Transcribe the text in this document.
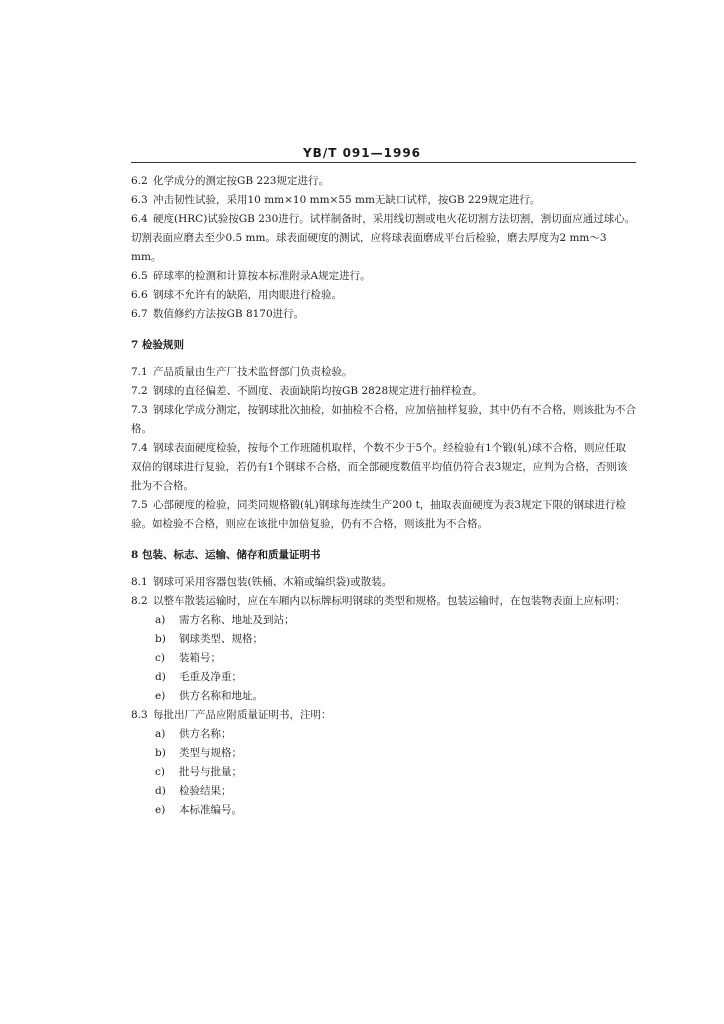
YB/T 091—1996

6.2 化学成分的测定按GB 223规定进行。

6.3 冲击韧性试验，采用10 mm×10 mm×55 mm无缺口试样，按GB 229规定进行。

6.4 硬度(HRC)试验按GB 230进行。试样制备时，采用线切割或电火花切割方法切割，割切面应通过球心。切割表面应磨去至少0.5 mm。球表面硬度的测试，应将球表面磨成平台后检验，磨去厚度为2 mm～3 mm。

6.5 碎球率的检测和计算按本标准附录A规定进行。

6.6 钢球不允许有的缺陷，用肉眼进行检验。

6.7 数值修约方法按GB 8170进行。

7 检验规则

7.1 产品质量由生产厂技术监督部门负责检验。

7.2 钢球的直径偏差、不圆度、表面缺陷均按GB 2828规定进行抽样检查。

7.3 钢球化学成分测定，按钢球批次抽检，如抽检不合格，应加倍抽样复验，其中仍有不合格，则该批为不合格。

7.4 钢球表面硬度检验，按每个工作班随机取样，个数不少于5个。经检验有1个锻(轧)球不合格，则应任取双倍的钢球进行复验，若仍有1个钢球不合格，而全部硬度数值平均值仍符合表3规定，应判为合格，否则该批为不合格。

7.5 心部硬度的检验，同类同规格锻(轧)钢球每连续生产200 t，抽取表面硬度为表3规定下限的钢球进行检验。如检验不合格，则应在该批中加倍复验，仍有不合格，则该批为不合格。

8 包装、标志、运输、储存和质量证明书

8.1 钢球可采用容器包装(铁桶、木箱或编织袋)或散装。

8.2 以整车散装运输时，应在车厢内以标牌标明钢球的类型和规格。包装运输时，在包装物表面上应标明：

a) 需方名称、地址及到站；

b) 钢球类型、规格；

c) 装箱号；

d) 毛重及净重；

e) 供方名称和地址。

8.3 每批出厂产品应附质量证明书，注明：

a) 供方名称；

b) 类型与规格；

c) 批号与批量；

d) 检验结果；

e) 本标准编号。
